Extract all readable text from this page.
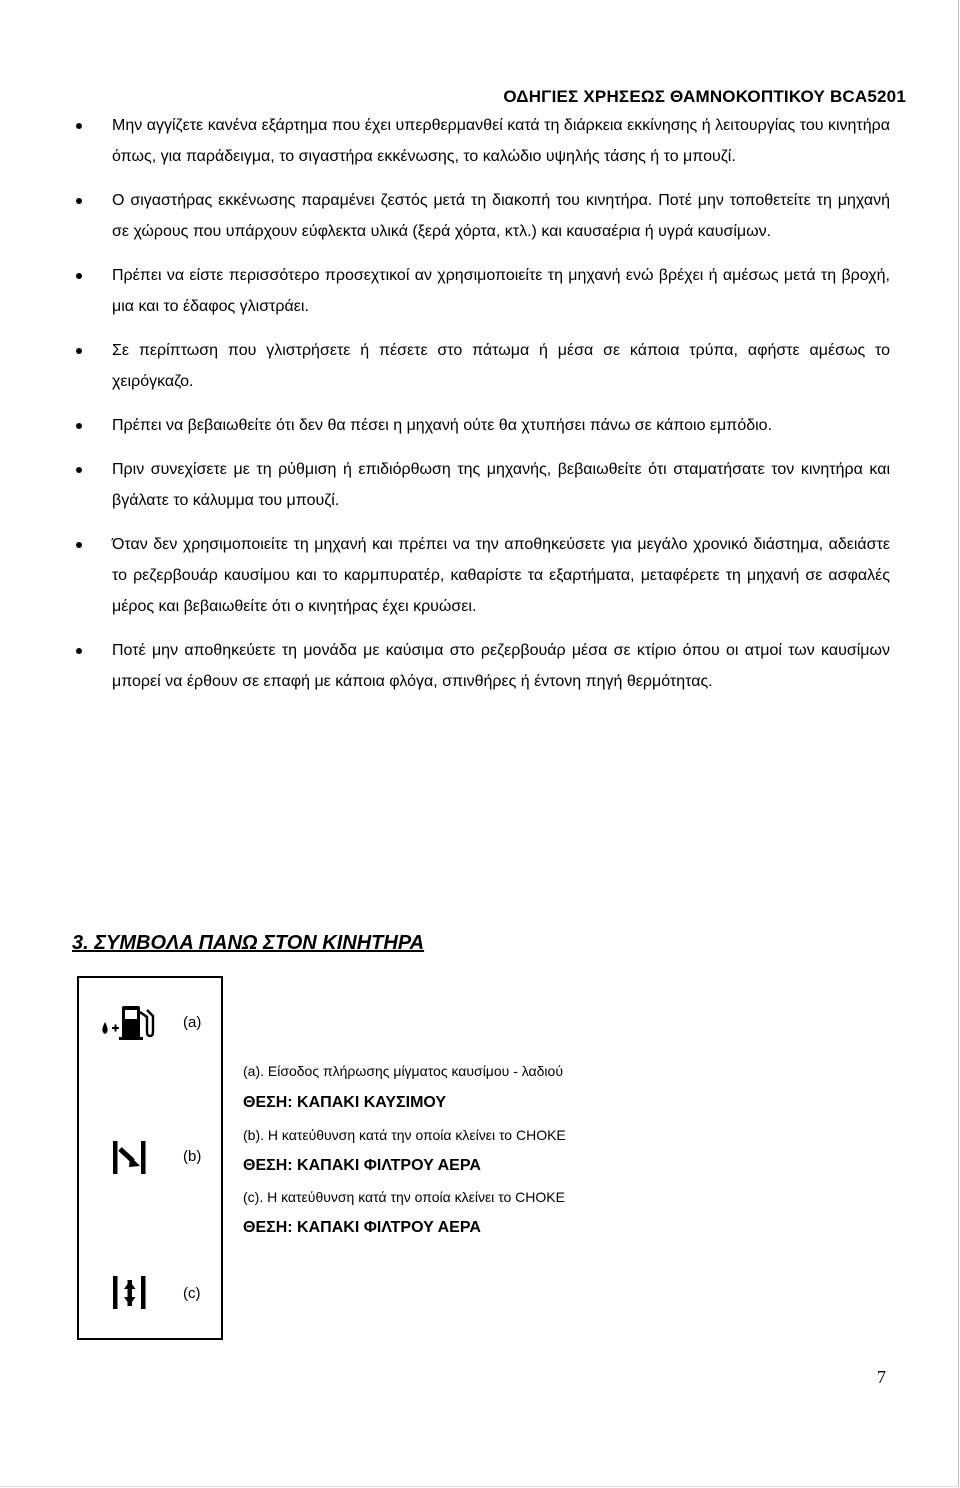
ΟΔΗΓΙΕΣ ΧΡΗΣΕΩΣ ΘΑΜΝΟΚΟΠΤΙΚΟΥ BCA5201
Μην αγγίζετε κανένα εξάρτημα που έχει υπερθερμανθεί κατά τη διάρκεια εκκίνησης ή λειτουργίας του κινητήρα όπως, για παράδειγμα, το σιγαστήρα εκκένωσης, το καλώδιο υψηλής τάσης ή το μπουζί.
Ο σιγαστήρας εκκένωσης παραμένει ζεστός μετά τη διακοπή του κινητήρα. Ποτέ μην τοποθετείτε τη μηχανή σε χώρους που υπάρχουν εύφλεκτα υλικά (ξερά χόρτα, κτλ.) και καυσαέρια ή υγρά καυσίμων.
Πρέπει να είστε περισσότερο προσεχτικοί αν χρησιμοποιείτε τη μηχανή ενώ βρέχει ή αμέσως μετά τη βροχή, μια και το έδαφος γλιστράει.
Σε περίπτωση που γλιστρήσετε ή πέσετε στο πάτωμα ή μέσα σε κάποια τρύπα, αφήστε αμέσως το χειρόγκαζο.
Πρέπει να βεβαιωθείτε ότι δεν θα πέσει η μηχανή ούτε θα χτυπήσει πάνω σε κάποιο εμπόδιο.
Πριν συνεχίσετε με τη ρύθμιση ή επιδιόρθωση της μηχανής, βεβαιωθείτε ότι σταματήσατε τον κινητήρα και βγάλατε το κάλυμμα του μπουζί.
Όταν δεν χρησιμοποιείτε τη μηχανή και πρέπει να την αποθηκεύσετε για μεγάλο χρονικό διάστημα, αδειάστε το ρεζερβουάρ καυσίμου και το καρμπυρατέρ, καθαρίστε τα εξαρτήματα, μεταφέρετε τη μηχανή σε ασφαλές μέρος και βεβαιωθείτε ότι ο κινητήρας έχει κρυώσει.
Ποτέ μην αποθηκεύετε τη μονάδα με καύσιμα στο ρεζερβουάρ μέσα σε κτίριο όπου οι ατμοί των καυσίμων μπορεί να έρθουν σε επαφή με κάποια φλόγα, σπινθήρες ή έντονη πηγή θερμότητας.
3. ΣΥΜΒΟΛΑ ΠΑΝΩ ΣΤΟΝ ΚΙΝΗΤΗΡΑ
(a)
(b)
(c)
(a). Είσοδος πλήρωσης μίγματος καυσίμου - λαδιού
ΘΕΣΗ: ΚΑΠΑΚΙ ΚΑΥΣΙΜΟΥ
(b). Η κατεύθυνση κατά την οποία κλείνει το CHOKE
ΘΕΣΗ: ΚΑΠΑΚΙ ΦΙΛΤΡΟΥ ΑΕΡΑ
(c). Η κατεύθυνση κατά την οποία κλείνει το CHOKE
ΘΕΣΗ: ΚΑΠΑΚΙ ΦΙΛΤΡΟΥ ΑΕΡΑ
7
